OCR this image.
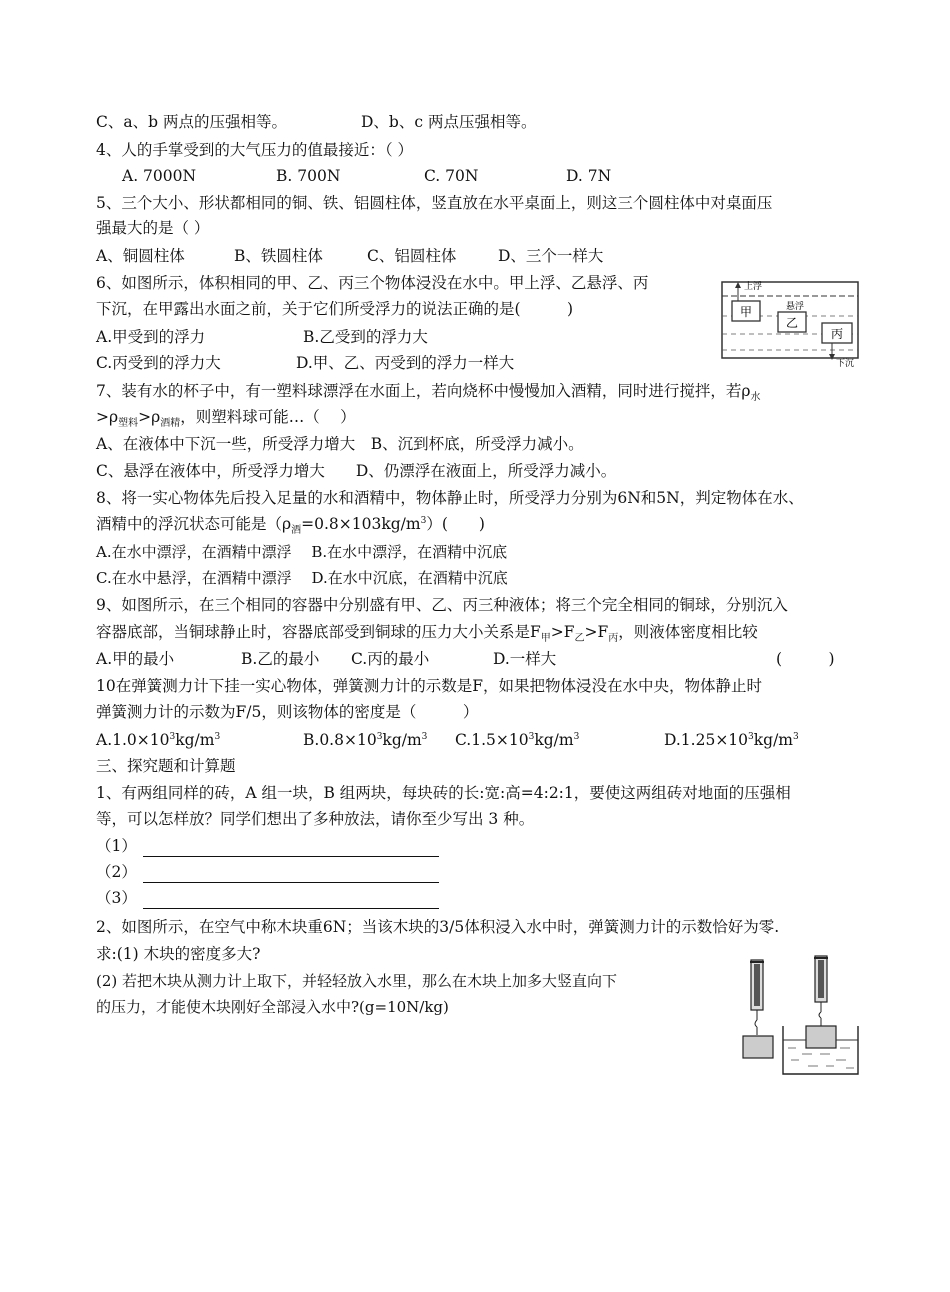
C、a、b 两点的压强相等。	D、b、c 两点压强相等。
4、人的手掌受到的大气压力的值最接近：（ ）
A. 7000N	B. 700N	C. 70N	D. 7N
5、三个大小、形状都相同的铜、铁、铝圆柱体，竖直放在水平桌面上，则这三个圆柱体中对桌面压
强最大的是（ ）
A、铜圆柱体	B、铁圆柱体	C、铝圆柱体	D、三个一样大
6、如图所示，体积相同的甲、乙、丙三个物体浸没在水中。甲上浮、乙悬浮、丙
下沉，在甲露出水面之前，关于它们所受浮力的说法正确的是(　　　)
A.甲受到的浮力	B.乙受到的浮力大
C.丙受到的浮力大	D.甲、乙、丙受到的浮力一样大
甲
上浮
乙
悬浮
丙
下沉
7、装有水的杯子中，有一塑料球漂浮在水面上，若向烧杯中慢慢加入酒精，同时进行搅拌，若$\rho_水$
$>\rho_{塑料}>\rho_{酒精}$，则塑料球可能…（　 ）
A、在液体中下沉一些，所受浮力增大　B、沉到杯底，所受浮力减小。
C、悬浮在液体中，所受浮力增大　　D、仍漂浮在液面上，所受浮力减小。
8、将一实心物体先后投入足量的水和酒精中，物体静止时，所受浮力分别为6N和5N，判定物体在水、
酒精中的浮沉状态可能是$(\rho_酒=0.8\times 103kg/m^3)$(　　)
A.在水中漂浮，在酒精中漂浮　 B.在水中漂浮，在酒精中沉底
C.在水中悬浮，在酒精中漂浮　 D.在水中沉底，在酒精中沉底
9、如图所示，在三个相同的容器中分别盛有甲、乙、丙三种液体；将三个完全相同的铜球，分别沉入
容器底部，当铜球静止时，容器底部受到铜球的压力大小关系是$F_甲>F_乙>F_丙$，则液体密度相比较
A.甲的最小	B.乙的最小 C.丙的最小	D.一样大	(　　　)
10在弹簧测力计下挂一实心物体，弹簧测力计的示数是F，如果把物体浸没在水中央，物体静止时
弹簧测力计的示数为F/5，则该物体的密度是（　　　）
$A.1.0\times 10^3kg/m^3$	$B.0.8\times 10^3kg/m^3$ $C.1.5\times 10^3kg/m^3$	$D.1.25\times 10^3kg/m^3$
三、探究题和计算题
1、有两组同样的砖，A 组一块，B 组两块，每块砖的长:宽:高=4:2:1，要使这两组砖对地面的压强相
等，可以怎样放？同学们想出了多种放法，请你至少写出 3 种。
（1）
（2）
（3）
2、如图所示，在空气中称木块重6N；当该木块的3/5体积浸入水中时，弹簧测力计的示数恰好为零.
求:(1) 木块的密度多大?
(2) 若把木块从测力计上取下，并轻轻放入水里，那么在木块上加多大竖直向下
的压力，才能使木块刚好全部浸入水中?(g=10N/kg)
